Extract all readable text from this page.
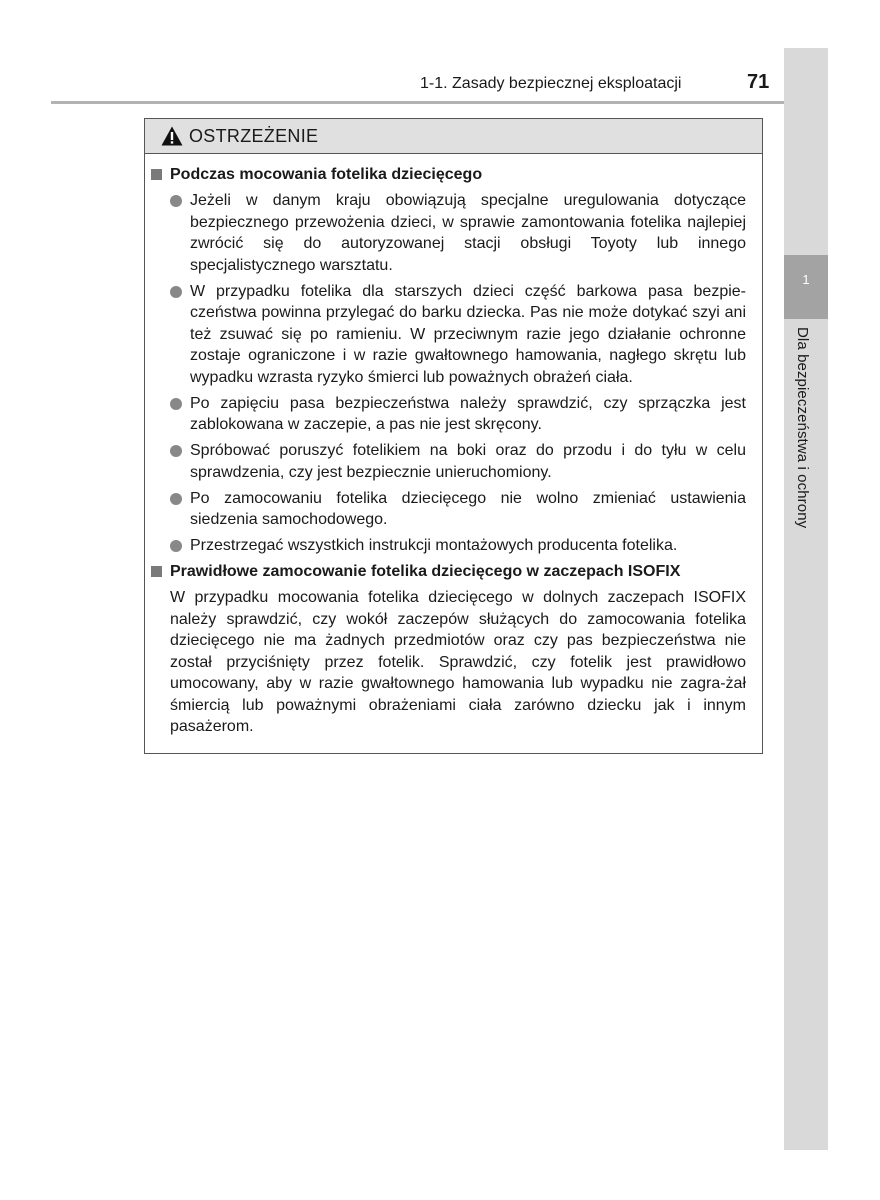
1
Dla bezpieczeństwa i ochrony
1-1. Zasady bezpiecznej eksploatacji	71
OSTRZEŻENIE
Podczas mocowania fotelika dziecięcego
Jeżeli w danym kraju obowiązują specjalne uregulowania dotyczące bezpiecznego przewożenia dzieci, w sprawie zamontowania fotelika najlepiej zwrócić się do autoryzowanej stacji obsługi Toyoty lub innego specjalistycznego warsztatu.
W przypadku fotelika dla starszych dzieci część barkowa pasa bezpie-czeństwa powinna przylegać do barku dziecka. Pas nie może dotykać szyi ani też zsuwać się po ramieniu. W przeciwnym razie jego działanie ochronne zostaje ograniczone i w razie gwałtownego hamowania, nagłego skrętu lub wypadku wzrasta ryzyko śmierci lub poważnych obrażeń ciała.
Po zapięciu pasa bezpieczeństwa należy sprawdzić, czy sprzączka jest zablokowana w zaczepie, a pas nie jest skręcony.
Spróbować poruszyć fotelikiem na boki oraz do przodu i do tyłu w celu sprawdzenia, czy jest bezpiecznie unieruchomiony.
Po zamocowaniu fotelika dziecięcego nie wolno zmieniać ustawienia siedzenia samochodowego.
Przestrzegać wszystkich instrukcji montażowych producenta fotelika.
Prawidłowe zamocowanie fotelika dziecięcego w zaczepach ISOFIX
W przypadku mocowania fotelika dziecięcego w dolnych zaczepach ISOFIX należy sprawdzić, czy wokół zaczepów służących do zamocowania fotelika dziecięcego nie ma żadnych przedmiotów oraz czy pas bezpieczeństwa nie został przyciśnięty przez fotelik. Sprawdzić, czy fotelik jest prawidłowo umocowany, aby w razie gwałtownego hamowania lub wypadku nie zagra-żał śmiercią lub poważnymi obrażeniami ciała zarówno dziecku jak i innym pasażerom.
